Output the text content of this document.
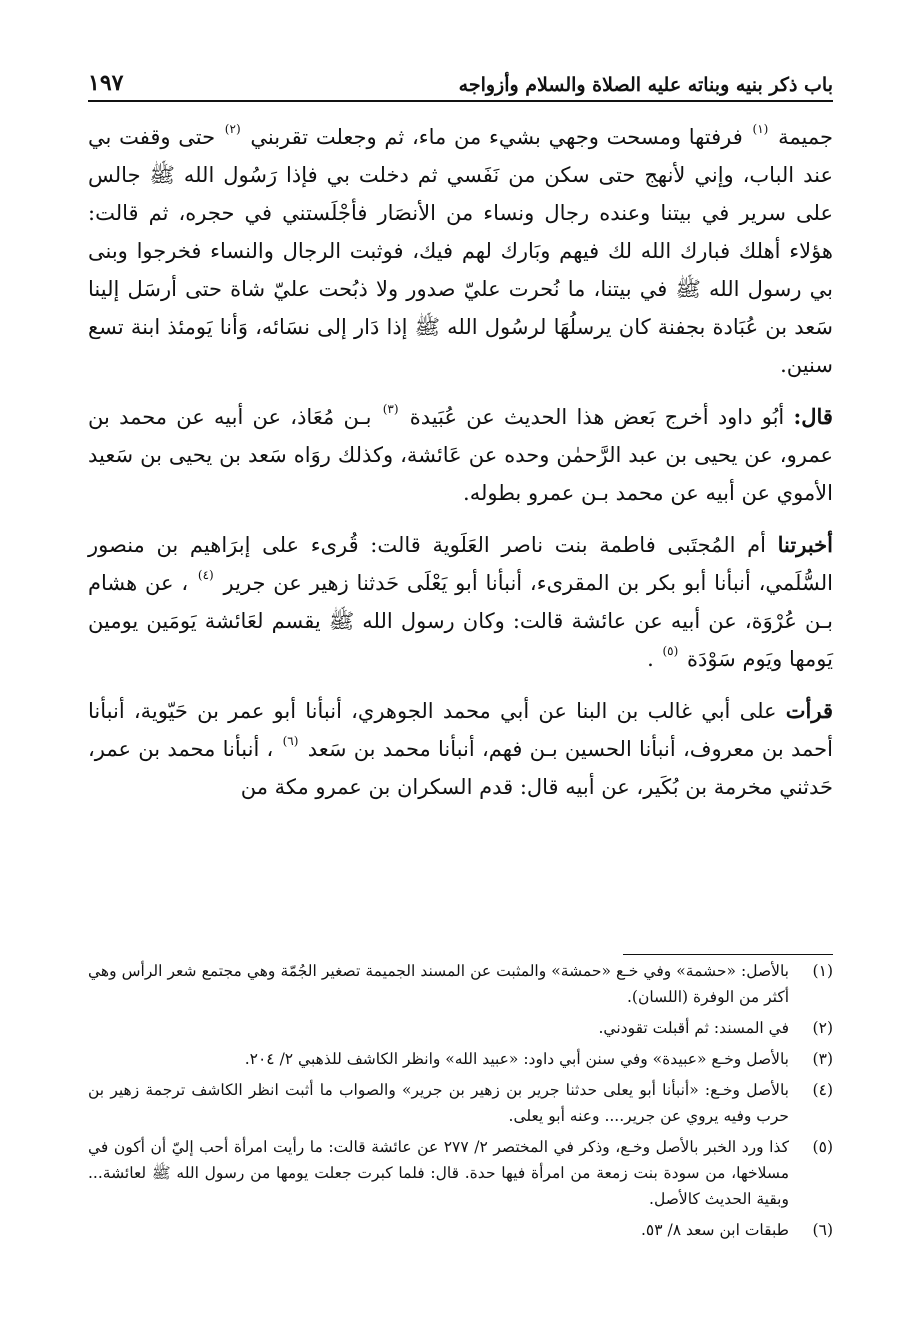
باب ذكر بنيه وبناته عليه الصلاة والسلام وأزواجه
١٩٧

جميمة $^{(١)}$ فرفتها ومسحت وجهي بشيء من ماء، ثم وجعلت تقربني $^{(٢)}$ حتى وقفت بي عند الباب، وإني لأنهج حتى سكن من نَفَسي ثم دخلت بي فإذا رَسُول الله ﷺ جالس على سرير في بيتنا وعنده رجال ونساء من الأنصَار فأجْلَستني في حجره، ثم قالت: هؤلاء أهلك فبارك الله لك فيهم وبَارك لهم فيك، فوثبت الرجال والنساء فخرجوا وبنى بي رسول الله ﷺ في بيتنا، ما نُحرت عليّ صدور ولا ذبُحت عليّ شاة حتى أرسَل إلينا سَعد بن عُبَادة بجفنة كان يرسلُهَا لرسُول الله ﷺ إذا دَار إلى نسَائه، وَأنا يَومئذ ابنة تسع سنين.

قال: أبُو داود أخرج بَعض هذا الحديث عن عُبَيدة $^{(٣)}$ بـن مُعَاذ، عن أبيه عن محمد بن عمرو، عن يحيى بن عبد الرَّحمٰن وحده عن عَائشة، وكذلك روَاه سَعد بن يحيى بن سَعيد الأموي عن أبيه عن محمد بـن عمرو بطوله.

أخبرتنا أم المُجتَبى فاطمة بنت ناصر العَلَوية قالت: قُرىء على إبرَاهيم بن منصور السُّلَمي، أنبأنا أبو بكر بن المقرىء، أنبأنا أبو يَعْلَى حَدثنا زهير عن جرير $^{(٤)}$ ، عن هشام بـن عُرْوَة، عن أبيه عن عائشة قالت: وكان رسول الله ﷺ يقسم لعَائشة يَومَين يومين يَومها ويَوم سَوْدَة $^{(٥)}$ .

قرأت على أبي غالب بن البنا عن أبي محمد الجوهري، أنبأنا أبو عمر بن حَيّوية، أنبأنا أحمد بن معروف، أنبأنا الحسين بـن فهم، أنبأنا محمد بن سَعد $^{(٦)}$ ، أنبأنا محمد بن عمر، حَدثني مخرمة بن بُكَير، عن أبيه قال: قدم السكران بن عمرو مكة من

(١)
بالأصل: «حشمة» وفي خـع «حمشة» والمثبت عن المسند الجميمة تصغير الجُمّة وهي مجتمع شعر الرأس وهي أكثر من الوفرة (اللسان).
(٢)
في المسند: ثم أقبلت تقودني.
(٣)
بالأصل وخـع «عبيدة» وفي سنن أبي داود: «عبيد الله» وانظر الكاشف للذهبي ٢/ ٢٠٤.
(٤)
بالأصل وخـع: «أنبأنا أبو يعلى حدثنا جرير بن زهير بن جرير» والصواب ما أثبت انظر الكاشف ترجمة زهير بن حرب وفيه يروي عن جرير.... وعنه أبو يعلى.
(٥)
كذا ورد الخبر بالأصل وخـع، وذكر في المختصر ٢/ ٢٧٧ عن عائشة قالت: ما رأيت امرأة أحب إليّ أن أكون في مسلاخها، من سودة بنت زمعة من امرأة فيها حدة. قال: فلما كبرت جعلت يومها من رسول الله ﷺ لعائشة... وبقية الحديث كالأصل.
(٦)
طبقات ابن سعد ٨/ ٥٣.
